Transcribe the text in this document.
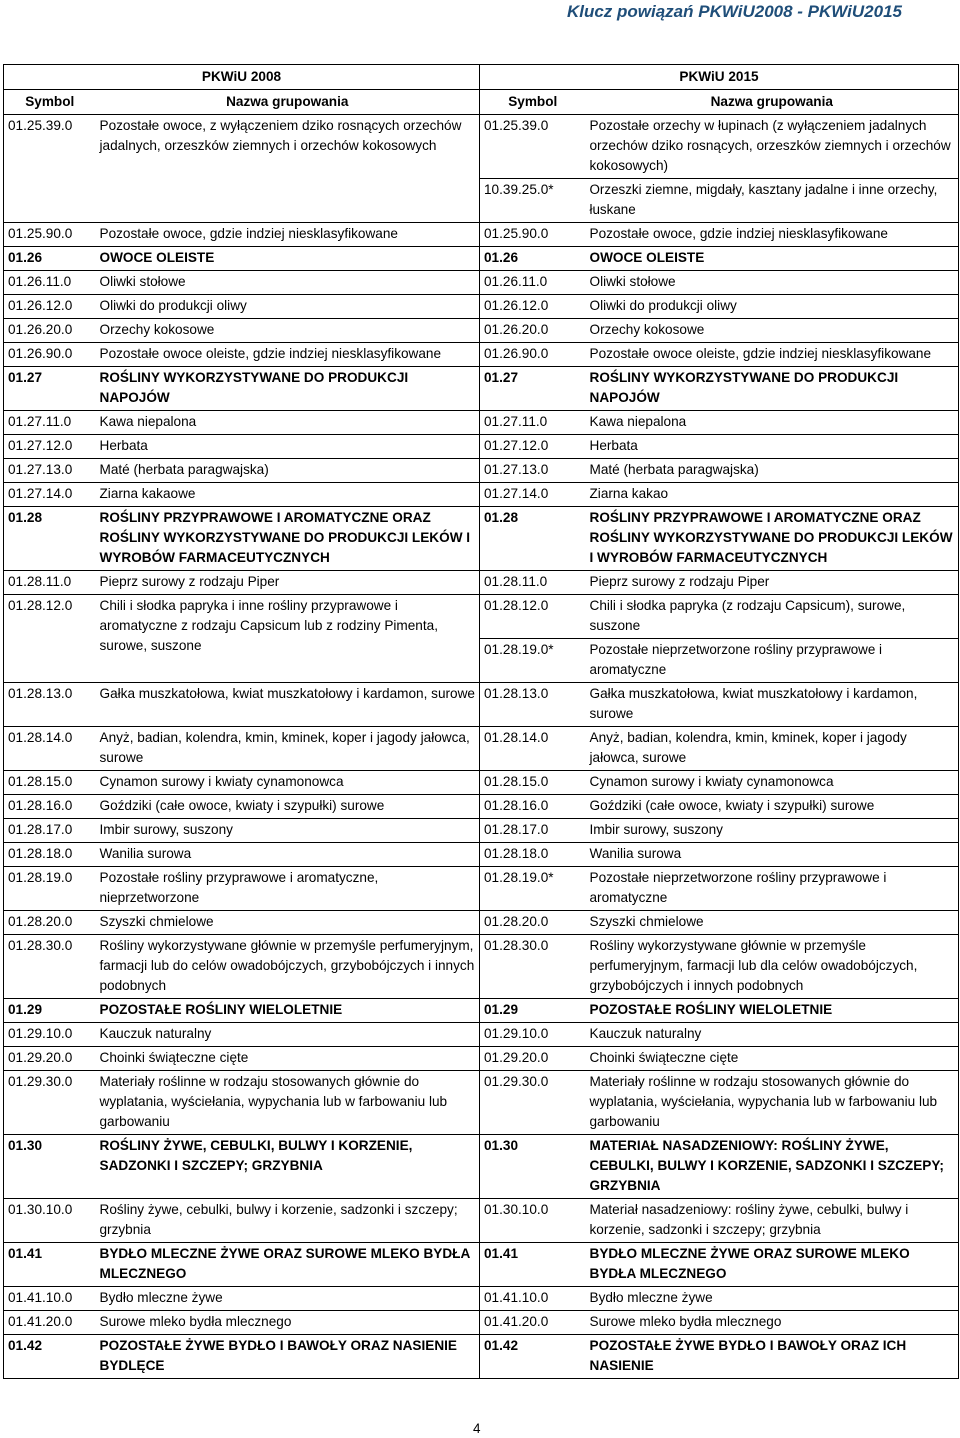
Klucz powiązań PKWiU2008 - PKWiU2015
PKWiU 2008		PKWiU 2015	
Symbol	Nazwa grupowania	Symbol	Nazwa grupowania
01.25.39.0	Pozostałe owoce, z wyłączeniem dziko rosnących orzechów jadalnych, orzeszków ziemnych i orzechów kokosowych	01.25.39.0	Pozostałe orzechy w łupinach (z wyłączeniem jadalnych orzechów dziko rosnących, orzeszków ziemnych i orzechów kokosowych)
		10.39.25.0*	Orzeszki ziemne, migdały, kasztany jadalne i inne orzechy, łuskane
01.25.90.0	Pozostałe owoce, gdzie indziej niesklasyfikowane	01.25.90.0	Pozostałe owoce, gdzie indziej niesklasyfikowane
01.26	OWOCE OLEISTE	01.26	OWOCE OLEISTE
01.26.11.0	Oliwki stołowe	01.26.11.0	Oliwki stołowe
01.26.12.0	Oliwki do produkcji oliwy	01.26.12.0	Oliwki do produkcji oliwy
01.26.20.0	Orzechy kokosowe	01.26.20.0	Orzechy kokosowe
01.26.90.0	Pozostałe owoce oleiste, gdzie indziej niesklasyfikowane	01.26.90.0	Pozostałe owoce oleiste, gdzie indziej niesklasyfikowane
01.27	ROŚLINY WYKORZYSTYWANE DO PRODUKCJI NAPOJÓW	01.27	ROŚLINY WYKORZYSTYWANE DO PRODUKCJI NAPOJÓW
01.27.11.0	Kawa niepalona	01.27.11.0	Kawa niepalona
01.27.12.0	Herbata	01.27.12.0	Herbata
01.27.13.0	Maté (herbata paragwajska)	01.27.13.0	Maté (herbata paragwajska)
01.27.14.0	Ziarna kakaowe	01.27.14.0	Ziarna kakao
01.28	ROŚLINY PRZYPRAWOWE I AROMATYCZNE ORAZ ROŚLINY WYKORZYSTYWANE DO PRODUKCJI LEKÓW I WYROBÓW FARMACEUTYCZNYCH	01.28	ROŚLINY PRZYPRAWOWE I AROMATYCZNE ORAZ ROŚLINY WYKORZYSTYWANE DO PRODUKCJI LEKÓW I WYROBÓW FARMACEUTYCZNYCH
01.28.11.0	Pieprz surowy z rodzaju Piper	01.28.11.0	Pieprz surowy z rodzaju Piper
01.28.12.0	Chili i słodka papryka i inne rośliny przyprawowe i aromatyczne z rodzaju Capsicum lub z rodziny Pimenta, surowe, suszone	01.28.12.0	Chili i słodka papryka (z rodzaju Capsicum), surowe, suszone
		01.28.19.0*	Pozostałe nieprzetworzone rośliny przyprawowe i aromatyczne
01.28.13.0	Gałka muszkatołowa, kwiat muszkatołowy i kardamon, surowe	01.28.13.0	Gałka muszkatołowa, kwiat muszkatołowy i kardamon, surowe
01.28.14.0	Anyż, badian, kolendra, kmin, kminek, koper i jagody jałowca, surowe	01.28.14.0	Anyż, badian, kolendra, kmin, kminek, koper i jagody jałowca, surowe
01.28.15.0	Cynamon surowy i kwiaty cynamonowca	01.28.15.0	Cynamon surowy i kwiaty cynamonowca
01.28.16.0	Goździki (całe owoce, kwiaty i szypułki) surowe	01.28.16.0	Goździki (całe owoce, kwiaty i szypułki) surowe
01.28.17.0	Imbir surowy, suszony	01.28.17.0	Imbir surowy, suszony
01.28.18.0	Wanilia surowa	01.28.18.0	Wanilia surowa
01.28.19.0	Pozostałe rośliny przyprawowe i aromatyczne, nieprzetworzone	01.28.19.0*	Pozostałe nieprzetworzone rośliny przyprawowe i aromatyczne
01.28.20.0	Szyszki chmielowe	01.28.20.0	Szyszki chmielowe
01.28.30.0	Rośliny wykorzystywane głównie w przemyśle perfumeryjnym, farmacji lub do celów owadobójczych, grzybobójczych i innych podobnych	01.28.30.0	Rośliny wykorzystywane głównie w przemyśle perfumeryjnym, farmacji lub dla celów owadobójczych, grzybobójczych i innych podobnych
01.29	POZOSTAŁE ROŚLINY WIELOLETNIE	01.29	POZOSTAŁE ROŚLINY WIELOLETNIE
01.29.10.0	Kauczuk naturalny	01.29.10.0	Kauczuk naturalny
01.29.20.0	Choinki świąteczne cięte	01.29.20.0	Choinki świąteczne cięte
01.29.30.0	Materiały roślinne w rodzaju stosowanych głównie do wyplatania, wyściełania, wypychania lub w farbowaniu lub garbowaniu	01.29.30.0	Materiały roślinne w rodzaju stosowanych głównie do wyplatania, wyściełania, wypychania lub w farbowaniu lub garbowaniu
01.30	ROŚLINY ŻYWE, CEBULKI, BULWY I KORZENIE, SADZONKI I SZCZEPY; GRZYBNIA	01.30	MATERIAŁ NASADZENIOWY: ROŚLINY ŻYWE, CEBULKI, BULWY I KORZENIE, SADZONKI I SZCZEPY; GRZYBNIA
01.30.10.0	Rośliny żywe, cebulki, bulwy i korzenie, sadzonki i szczepy; grzybnia	01.30.10.0	Materiał nasadzeniowy: rośliny żywe, cebulki, bulwy i korzenie, sadzonki i szczepy; grzybnia
01.41	BYDŁO MLECZNE ŻYWE ORAZ SUROWE MLEKO BYDŁA MLECZNEGO	01.41	BYDŁO MLECZNE ŻYWE ORAZ SUROWE MLEKO BYDŁA MLECZNEGO
01.41.10.0	Bydło mleczne żywe	01.41.10.0	Bydło mleczne żywe
01.41.20.0	Surowe mleko bydła mlecznego	01.41.20.0	Surowe mleko bydła mlecznego
01.42	POZOSTAŁE ŻYWE BYDŁO I BAWOŁY ORAZ NASIENIE BYDLĘCE	01.42	POZOSTAŁE ŻYWE BYDŁO I BAWOŁY ORAZ ICH NASIENIE
4
